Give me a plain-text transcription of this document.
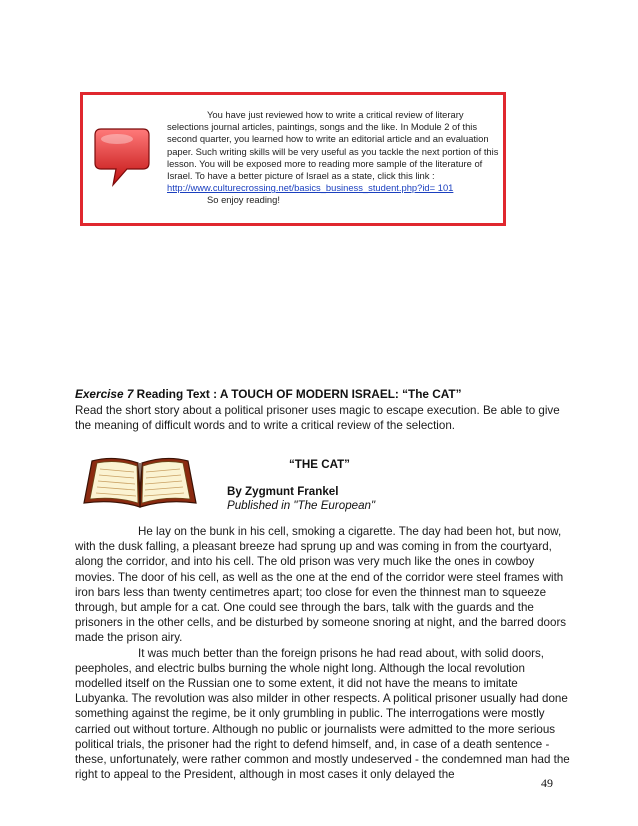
You have just reviewed how to write a critical review of literary selections journal articles, paintings, songs and the like. In Module 2 of this second quarter, you learned how to write an editorial article and an evaluation paper. Such writing skills will be very useful as you tackle the next portion of this lesson. You will be exposed more to reading more sample of the literature of Israel. To have a better picture of Israel as a state, click this link :

http://www.culturecrossing.net/basics_business_student.php?id= 101

So enjoy reading!

Exercise 7 Reading Text : A TOUCH OF MODERN ISRAEL: “The CAT”

Read the short story about a political prisoner uses magic to escape execution. Be able to give the meaning of difficult words and to write a critical review of the selection.

“THE CAT”
By Zygmunt Frankel
Published in "The European"

He lay on the bunk in his cell, smoking a cigarette. The day had been hot, but now, with the dusk falling, a pleasant breeze had sprung up and was coming in from the courtyard, along the corridor, and into his cell. The old prison was very much like the ones in cowboy movies. The door of his cell, as well as the one at the end of the corridor were steel frames with iron bars less than twenty centimetres apart; too close for even the thinnest man to squeeze through, but ample for a cat. One could see through the bars, talk with the guards and the prisoners in the other cells, and be disturbed by someone snoring at night, and the barred doors made the prison airy.

It was much better than the foreign prisons he had read about, with solid doors, peepholes, and electric bulbs burning the whole night long. Although the local revolution modelled itself on the Russian one to some extent, it did not have the means to imitate Lubyanka. The revolution was also milder in other respects. A political prisoner usually had done something against the regime, be it only grumbling in public. The interrogations were mostly carried out without torture. Although no public or journalists were admitted to the more serious political trials, the prisoner had the right to defend himself, and, in case of a death sentence - these, unfortunately, were rather common and mostly undeserved - the condemned man had the right to appeal to the President, although in most cases it only delayed the

49
